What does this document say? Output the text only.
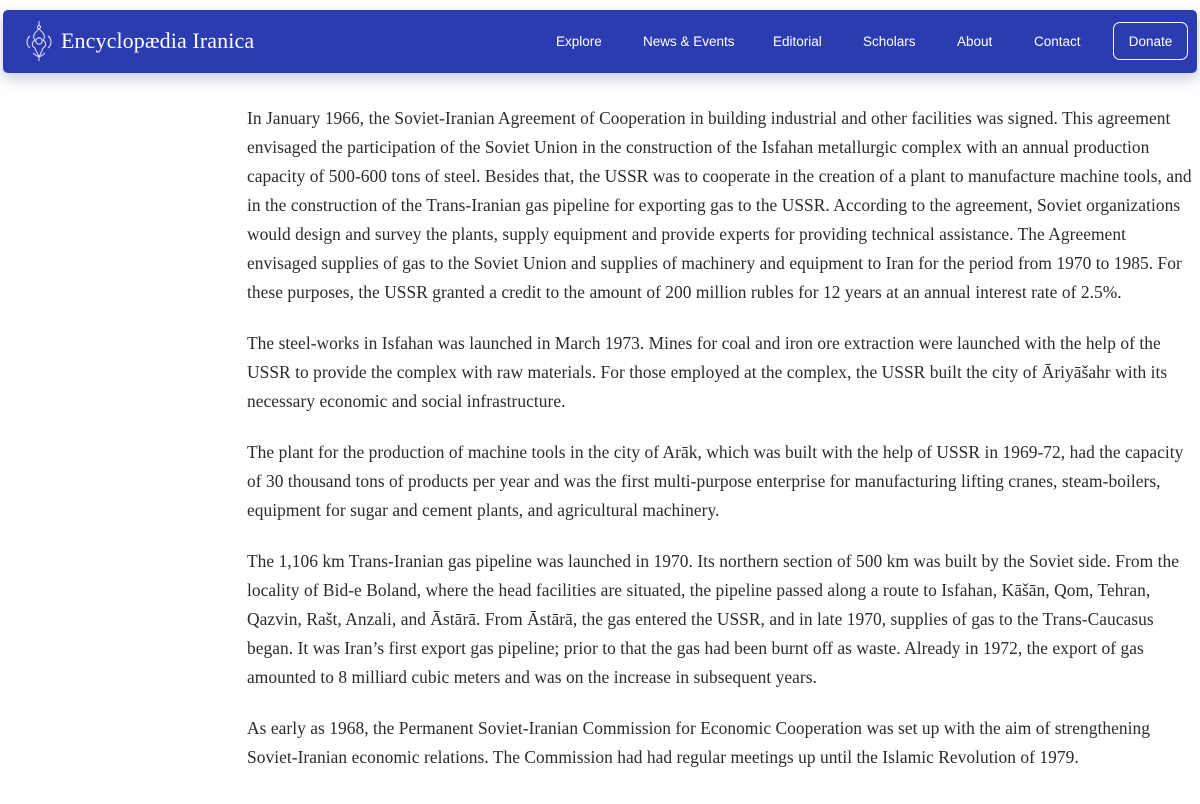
In January 1966, the Soviet-Iranian Agreement of Cooperation in building industrial and other facilities was signed. This agreement envisaged the participation of the Soviet Union in the construction of the Isfahan metallurgic complex with an annual production capacity of 500-600 tons of steel. Besides that, the USSR was to cooperate in the creation of a plant to manufacture machine tools, and in the construction of the Trans-Iranian gas pipeline for exporting gas to the USSR. According to the agreement, Soviet organizations would design and survey the plants, supply equipment and provide experts for providing technical assistance. The Agreement envisaged supplies of gas to the Soviet Union and supplies of machinery and equipment to Iran for the period from 1970 to 1985. For these purposes, the USSR granted a credit to the amount of 200 million rubles for 12 years at an annual interest rate of 2.5%.

The steel-works in Isfahan was launched in March 1973. Mines for coal and iron ore extraction were launched with the help of the USSR to provide the complex with raw materials. For those employed at the complex, the USSR built the city of Āriyāšahr with its necessary economic and social infrastructure.

The plant for the production of machine tools in the city of Arāk, which was built with the help of USSR in 1969-72, had the capacity of 30 thousand tons of products per year and was the first multi-purpose enterprise for manufacturing lifting cranes, steam-boilers, equipment for sugar and cement plants, and agricultural machinery.

The 1,106 km Trans-Iranian gas pipeline was launched in 1970. Its northern section of 500 km was built by the Soviet side. From the locality of Bid-e Boland, where the head facilities are situated, the pipeline passed along a route to Isfahan, Kāšān, Qom, Tehran, Qazvin, Rašt, Anzali, and Āstārā. From Āstārā, the gas entered the USSR, and in late 1970, supplies of gas to the Trans-Caucasus began. It was Iran’s first export gas pipeline; prior to that the gas had been burnt off as waste. Already in 1972, the export of gas amounted to 8 milliard cubic meters and was on the increase in subsequent years.

As early as 1968, the Permanent Soviet-Iranian Commission for Economic Cooperation was set up with the aim of strengthening Soviet-Iranian economic relations. The Commission had had regular meetings up until the Islamic Revolution of 1979.

Encyclopædia Iranica	Explore	News & Events	Editorial	Scholars	About	Contact	Donate
